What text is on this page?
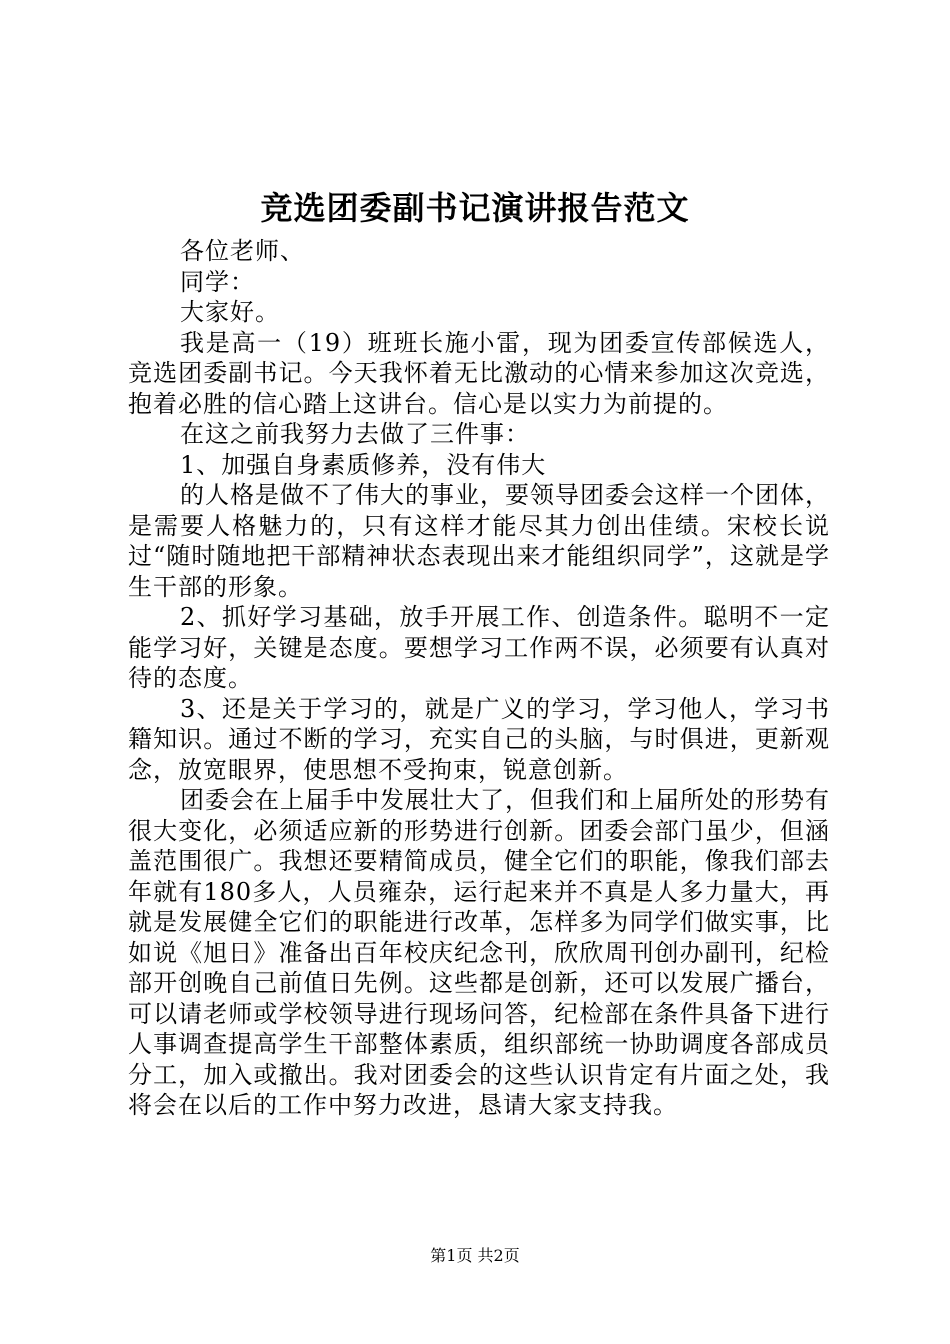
竞选团委副书记演讲报告范文

各位老师、

同学：

大家好。

我是高一（19）班班长施小雷，现为团委宣传部候选人，竞选团委副书记。今天我怀着无比激动的心情来参加这次竞选，抱着必胜的信心踏上这讲台。信心是以实力为前提的。

在这之前我努力去做了三件事：

1、加强自身素质修养，没有伟大

的人格是做不了伟大的事业，要领导团委会这样一个团体，是需要人格魅力的，只有这样才能尽其力创出佳绩。宋校长说过“随时随地把干部精神状态表现出来才能组织同学”，这就是学生干部的形象。

2、抓好学习基础，放手开展工作、创造条件。聪明不一定能学习好，关键是态度。要想学习工作两不误，必须要有认真对待的态度。

3、还是关于学习的，就是广义的学习，学习他人，学习书籍知识。通过不断的学习，充实自己的头脑，与时俱进，更新观念，放宽眼界，使思想不受拘束，锐意创新。

团委会在上届手中发展壮大了，但我们和上届所处的形势有很大变化，必须适应新的形势进行创新。团委会部门虽少，但涵盖范围很广。我想还要精简成员，健全它们的职能，像我们部去年就有180多人，人员雍杂，运行起来并不真是人多力量大，再就是发展健全它们的职能进行改革，怎样多为同学们做实事，比如说《旭日》准备出百年校庆纪念刊，欣欣周刊创办副刊，纪检部开创晚自己前值日先例。这些都是创新，还可以发展广播台，可以请老师或学校领导进行现场问答，纪检部在条件具备下进行人事调查提高学生干部整体素质，组织部统一协助调度各部成员分工，加入或撤出。我对团委会的这些认识肯定有片面之处，我将会在以后的工作中努力改进，恳请大家支持我。

第1页 共2页
